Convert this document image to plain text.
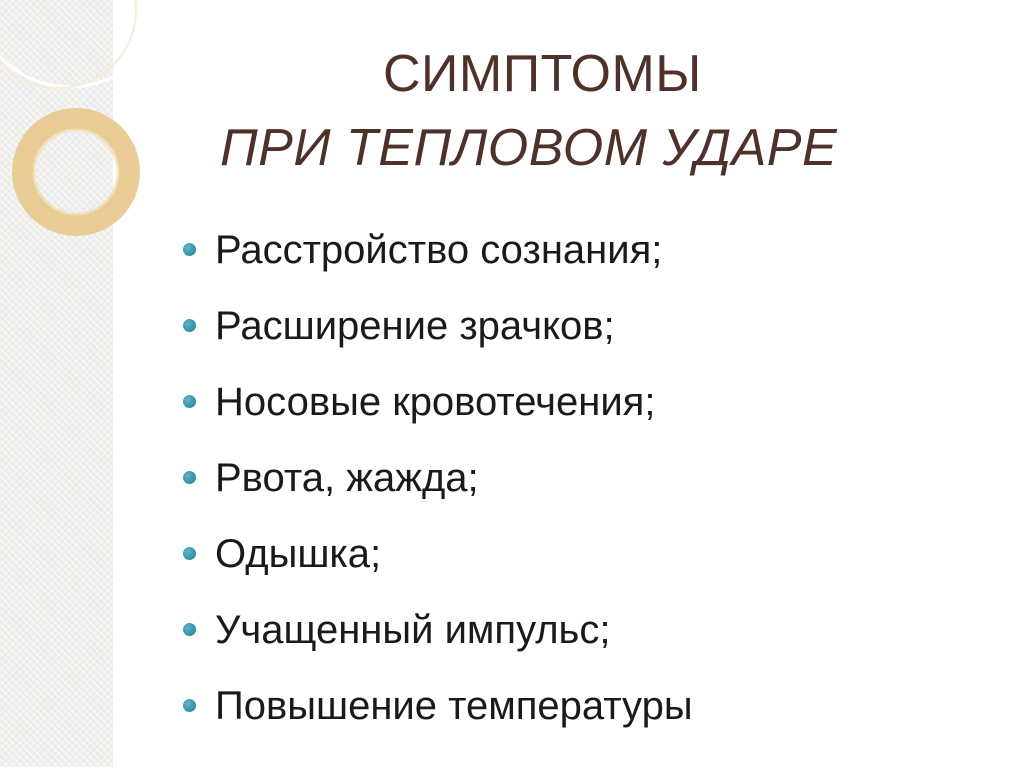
СИМПТОМЫ
ПРИ ТЕПЛОВОМ УДАРЕ
Расстройство сознания;
Расширение зрачков;
Носовые кровотечения;
Рвота, жажда;
Одышка;
Учащенный импульс;
Повышение температуры
